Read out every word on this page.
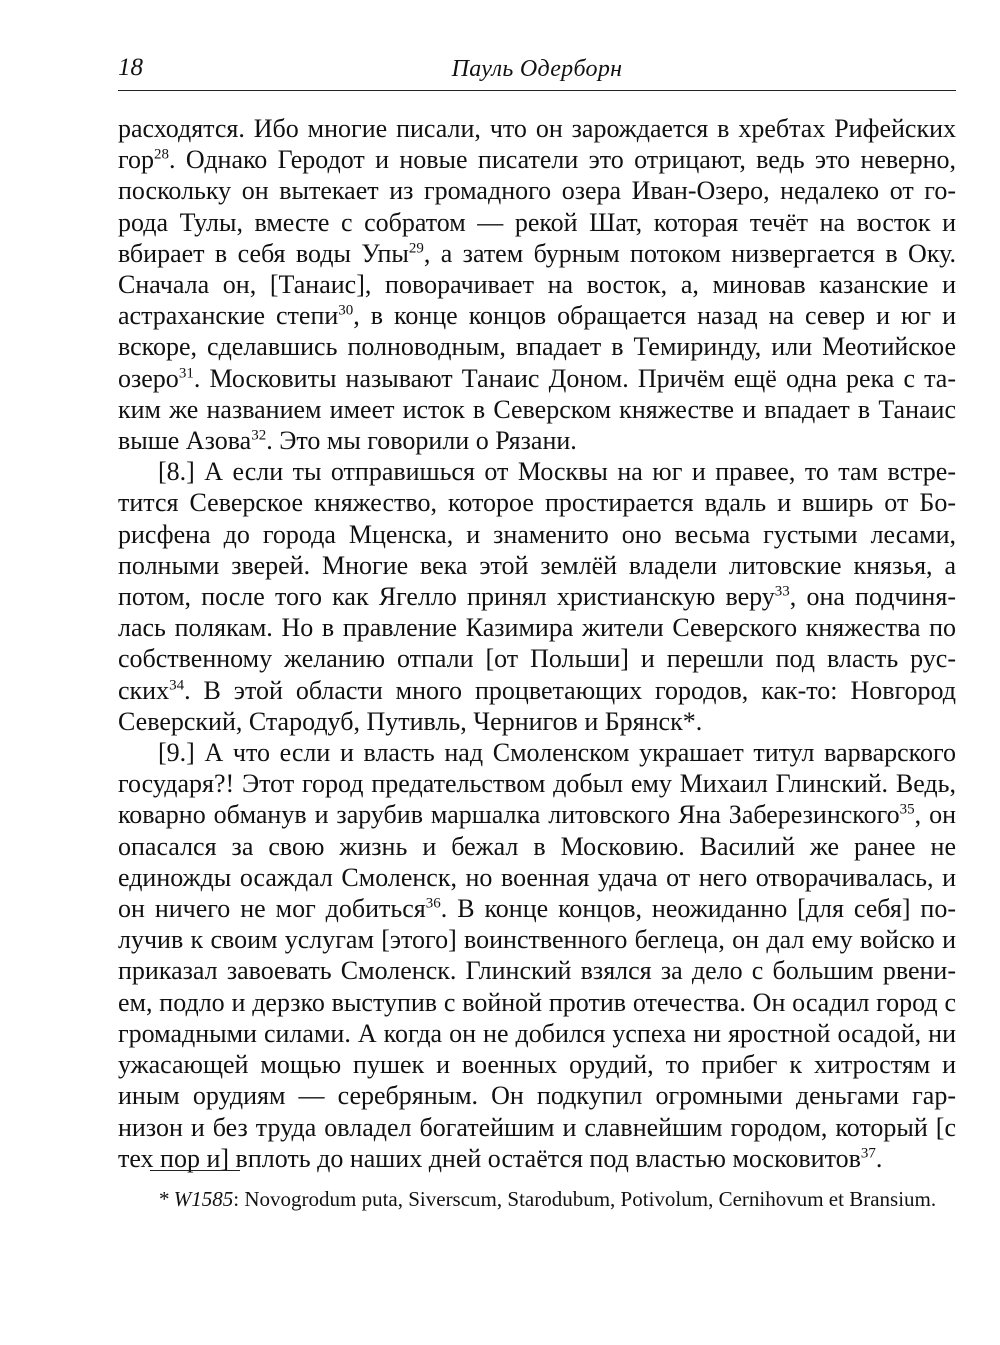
18	Пауль Одерборн

расходятся. Ибо многие писали, что он зарождается в хребтах Рифейских гор$^{28}$. Однако Геродот и новые писатели это отрицают, ведь это неверно, поскольку он вытекает из громадного озера Иван-Озеро, недалеко от города Тулы, вместе с собратом — рекой Шат, которая течёт на восток и вбирает в себя воды Упы$^{29}$, а затем бурным потоком низвергается в Оку. Сначала он, [Танаис], поворачивает на восток, а, миновав казанские и астраханские степи$^{30}$, в конце концов обращается назад на север и юг и вскоре, сделавшись полноводным, впадает в Темиринду, или Меотийское озеро$^{31}$. Московиты называют Танаис Доном. Причём ещё одна река с таким же названием имеет исток в Северском княжестве и впадает в Танаис выше Азова$^{32}$. Это мы говорили о Рязани.

[8.] А если ты отправишься от Москвы на юг и правее, то там встретится Северское княжество, которое простирается вдаль и вширь от Борисфена до города Мценска, и знаменито оно весьма густыми лесами, полными зверей. Многие века этой землёй владели литовские князья, а потом, после того как Ягелло принял христианскую веру$^{33}$, она подчинялась полякам. Но в правление Казимира жители Северского княжества по собственному желанию отпали [от Польши] и перешли под власть русских$^{34}$. В этой области много процветающих городов, как-то: Новгород Северский, Стародуб, Путивль, Чернигов и Брянск*.

[9.] А что если и власть над Смоленском украшает титул варварского государя?! Этот город предательством добыл ему Михаил Глинский. Ведь, коварно обманув и зарубив маршалка литовского Яна Заберезинского$^{35}$, он опасался за свою жизнь и бежал в Московию. Василий же ранее не единожды осаждал Смоленск, но военная удача от него отворачивалась, и он ничего не мог добиться$^{36}$. В конце концов, неожиданно [для себя] получив к своим услугам [этого] воинственного беглеца, он дал ему войско и приказал завоевать Смоленск. Глинский взялся за дело с большим рвением, подло и дерзко выступив с войной против отечества. Он осадил город с громадными силами. А когда он не добился успеха ни яростной осадой, ни ужасающей мощью пушек и военных орудий, то прибег к хитростям и иным орудиям — серебряным. Он подкупил огромными деньгами гарнизон и без труда овладел богатейшим и славнейшим городом, который [с тех пор и] вплоть до наших дней остаётся под властью московитов$^{37}$.

* W1585: Novogrodum puta, Siverscum, Starodubum, Potivolum, Cernihovum et Bransium.
